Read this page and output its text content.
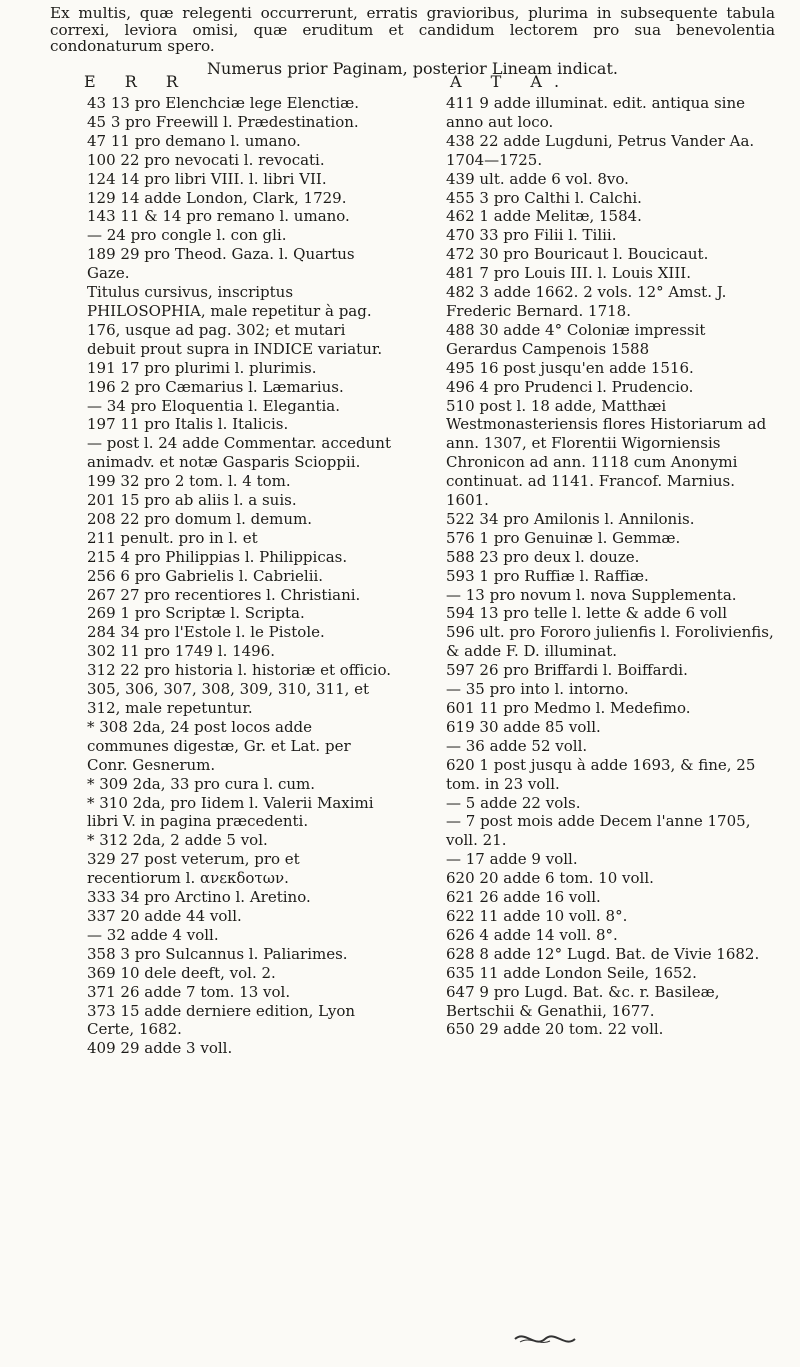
Ex multis, quæ relegenti occurrerunt, erratis gravioribus, plurima in subsequente tabula correxi, leviora omisi, quæ eruditum et candidum lectorem pro sua benevolentia condonaturum spero.
Numerus prior Paginam, posterior Lineam indicat.
E R R	A T A.
43 13 pro Elenchciæ lege Elenctiæ.
45 3 pro Freewill l. Prædestination.
47 11 pro demano l. umano.
100 22 pro nevocati l. revocati.
124 14 pro libri VIII. l. libri VII.
129 14 adde London, Clark, 1729.
143 11 & 14 pro remano l. umano.
— 24 pro congle l. con gli.
189 29 pro Theod. Gaza. l. Quartus Gaze.
Titulus cursivus, inscriptus PHILOSOPHIA, male repetitur à pag. 176, usque ad pag. 302; et mutari debuit prout supra in INDICE variatur.
191 17 pro plurimi l. plurimis.
196 2 pro Cæmarius l. Læmarius.
— 34 pro Eloquentia l. Elegantia.
197 11 pro Italis l. Italicis.
— post l. 24 adde Commentar. accedunt animadv. et notæ Gasparis Scioppii.
199 32 pro 2 tom. l. 4 tom.
201 15 pro ab aliis l. a suis.
208 22 pro domum l. demum.
211 penult. pro in l. et
215 4 pro Philippias l. Philippicas.
256 6 pro Gabrielis l. Cabrielii.
267 27 pro recentiores l. Christiani.
269 1 pro Scriptæ l. Scripta.
284 34 pro l'Estole l. le Pistole.
302 11 pro 1749 l. 1496.
312 22 pro historia l. historiæ et officio.
305, 306, 307, 308, 309, 310, 311, et 312, male repetuntur.
* 308 2da, 24 post locos adde communes digestæ, Gr. et Lat. per Conr. Gesnerum.
* 309 2da, 33 pro cura l. cum.
* 310 2da, pro Iidem l. Valerii Maximi libri V. in pagina præcedenti.
* 312 2da, 2 adde 5 vol.
329 27 post veterum, pro et recentiorum l. ανεκδοτων.
333 34 pro Arctino l. Aretino.
337 20 adde 44 voll.
— 32 adde 4 voll.
358 3 pro Sulcannus l. Paliarimes.
369 10 dele deeft, vol. 2.
371 26 adde 7 tom. 13 vol.
373 15 adde derniere edition, Lyon Certe, 1682.
409 29 adde 3 voll.
411 9 adde illuminat. edit. antiqua sine anno aut loco.
438 22 adde Lugduni, Petrus Vander Aa. 1704—1725.
439 ult. adde 6 vol. 8vo.
455 3 pro Calthi l. Calchi.
462 1 adde Melitæ, 1584.
470 33 pro Filii l. Tilii.
472 30 pro Bouricaut l. Boucicaut.
481 7 pro Louis III. l. Louis XIII.
482 3 adde 1662. 2 vols. 12° Amst. J. Frederic Bernard. 1718.
488 30 adde 4° Coloniæ impressit Gerardus Campenois 1588
495 16 post jusqu'en adde 1516.
496 4 pro Prudenci l. Prudencio.
510 post l. 18 adde, Matthæi Westmonasteriensis flores Historiarum ad ann. 1307, et Florentii Wigorniensis Chronicon ad ann. 1118 cum Anonymi continuat. ad 1141. Francof. Marnius. 1601.
522 34 pro Amilonis l. Annilonis.
576 1 pro Genuinæ l. Gemmæ.
588 23 pro deux l. douze.
593 1 pro Ruffiæ l. Raffiæ.
— 13 pro novum l. nova Supplementa.
594 13 pro telle l. lette & adde 6 voll
596 ult. pro Fororo julienfis l. Forolivienfis, & adde F. D. illuminat.
597 26 pro Briffardi l. Boiffardi.
— 35 pro into l. intorno.
601 11 pro Medmo l. Medefimo.
619 30 adde 85 voll.
— 36 adde 52 voll.
620 1 post jusqu à adde 1693, & fine, 25 tom. in 23 voll.
— 5 adde 22 vols.
— 7 post mois adde Decem l'anne 1705, voll. 21.
— 17 adde 9 voll.
620 20 adde 6 tom. 10 voll.
621 26 adde 16 voll.
622 11 adde 10 voll. 8°.
626 4 adde 14 voll. 8°.
628 8 adde 12° Lugd. Bat. de Vivie 1682.
635 11 adde London Seile, 1652.
647 9 pro Lugd. Bat. &c. r. Basileæ, Bertschii & Genathii, 1677.
650 29 adde 20 tom. 22 voll.
